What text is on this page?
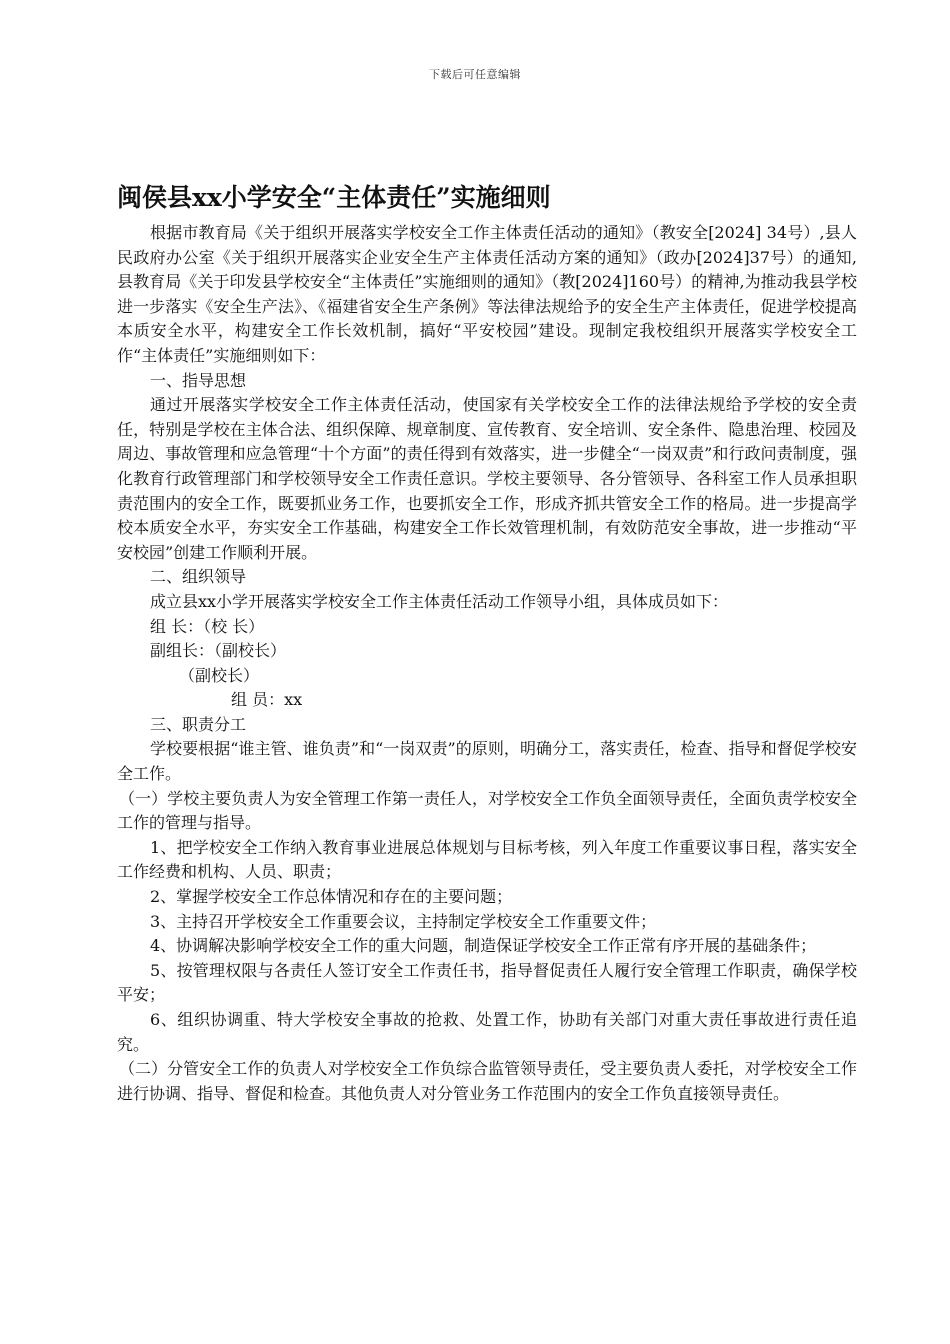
下载后可任意编辑
闽侯县xx小学安全“主体责任”实施细则

根据市教育局《关于组织开展落实学校安全工作主体责任活动的通知》（教安全[2024] 34号）,县人民政府办公室《关于组织开展落实企业安全生产主体责任活动方案的通知》（政办[2024]37号）的通知,县教育局《关于印发县学校安全“主体责任”实施细则的通知》（教[2024]160号）的精神,为推动我县学校进一步落实《安全生产法》、《福建省安全生产条例》等法律法规给予的安全生产主体责任，促进学校提高本质安全水平，构建安全工作长效机制，搞好“平安校园”建设。现制定我校组织开展落实学校安全工作“主体责任”实施细则如下：

一、指导思想

通过开展落实学校安全工作主体责任活动，使国家有关学校安全工作的法律法规给予学校的安全责任，特别是学校在主体合法、组织保障、规章制度、宣传教育、安全培训、安全条件、隐患治理、校园及周边、事故管理和应急管理“十个方面”的责任得到有效落实，进一步健全“一岗双责”和行政问责制度，强化教育行政管理部门和学校领导安全工作责任意识。学校主要领导、各分管领导、各科室工作人员承担职责范围内的安全工作，既要抓业务工作，也要抓安全工作，形成齐抓共管安全工作的格局。进一步提高学校本质安全水平，夯实安全工作基础，构建安全工作长效管理机制，有效防范安全事故，进一步推动“平安校园”创建工作顺利开展。

二、组织领导

成立县xx小学开展落实学校安全工作主体责任活动工作领导小组，具体成员如下：

组 长：（校 长）

副组长：（副校长）

（副校长）

组 员：xx

三、职责分工

学校要根据“谁主管、谁负责”和“一岗双责”的原则，明确分工，落实责任，检查、指导和督促学校安全工作。

（一）学校主要负责人为安全管理工作第一责任人，对学校安全工作负全面领导责任，全面负责学校安全工作的管理与指导。

1、把学校安全工作纳入教育事业进展总体规划与目标考核，列入年度工作重要议事日程，落实安全工作经费和机构、人员、职责；

2、掌握学校安全工作总体情况和存在的主要问题；

3、主持召开学校安全工作重要会议，主持制定学校安全工作重要文件；

4、协调解决影响学校安全工作的重大问题，制造保证学校安全工作正常有序开展的基础条件；

5、按管理权限与各责任人签订安全工作责任书，指导督促责任人履行安全管理工作职责，确保学校平安；

6、组织协调重、特大学校安全事故的抢救、处置工作，协助有关部门对重大责任事故进行责任追究。

（二）分管安全工作的负责人对学校安全工作负综合监管领导责任，受主要负责人委托，对学校安全工作进行协调、指导、督促和检查。其他负责人对分管业务工作范围内的安全工作负直接领导责任。
